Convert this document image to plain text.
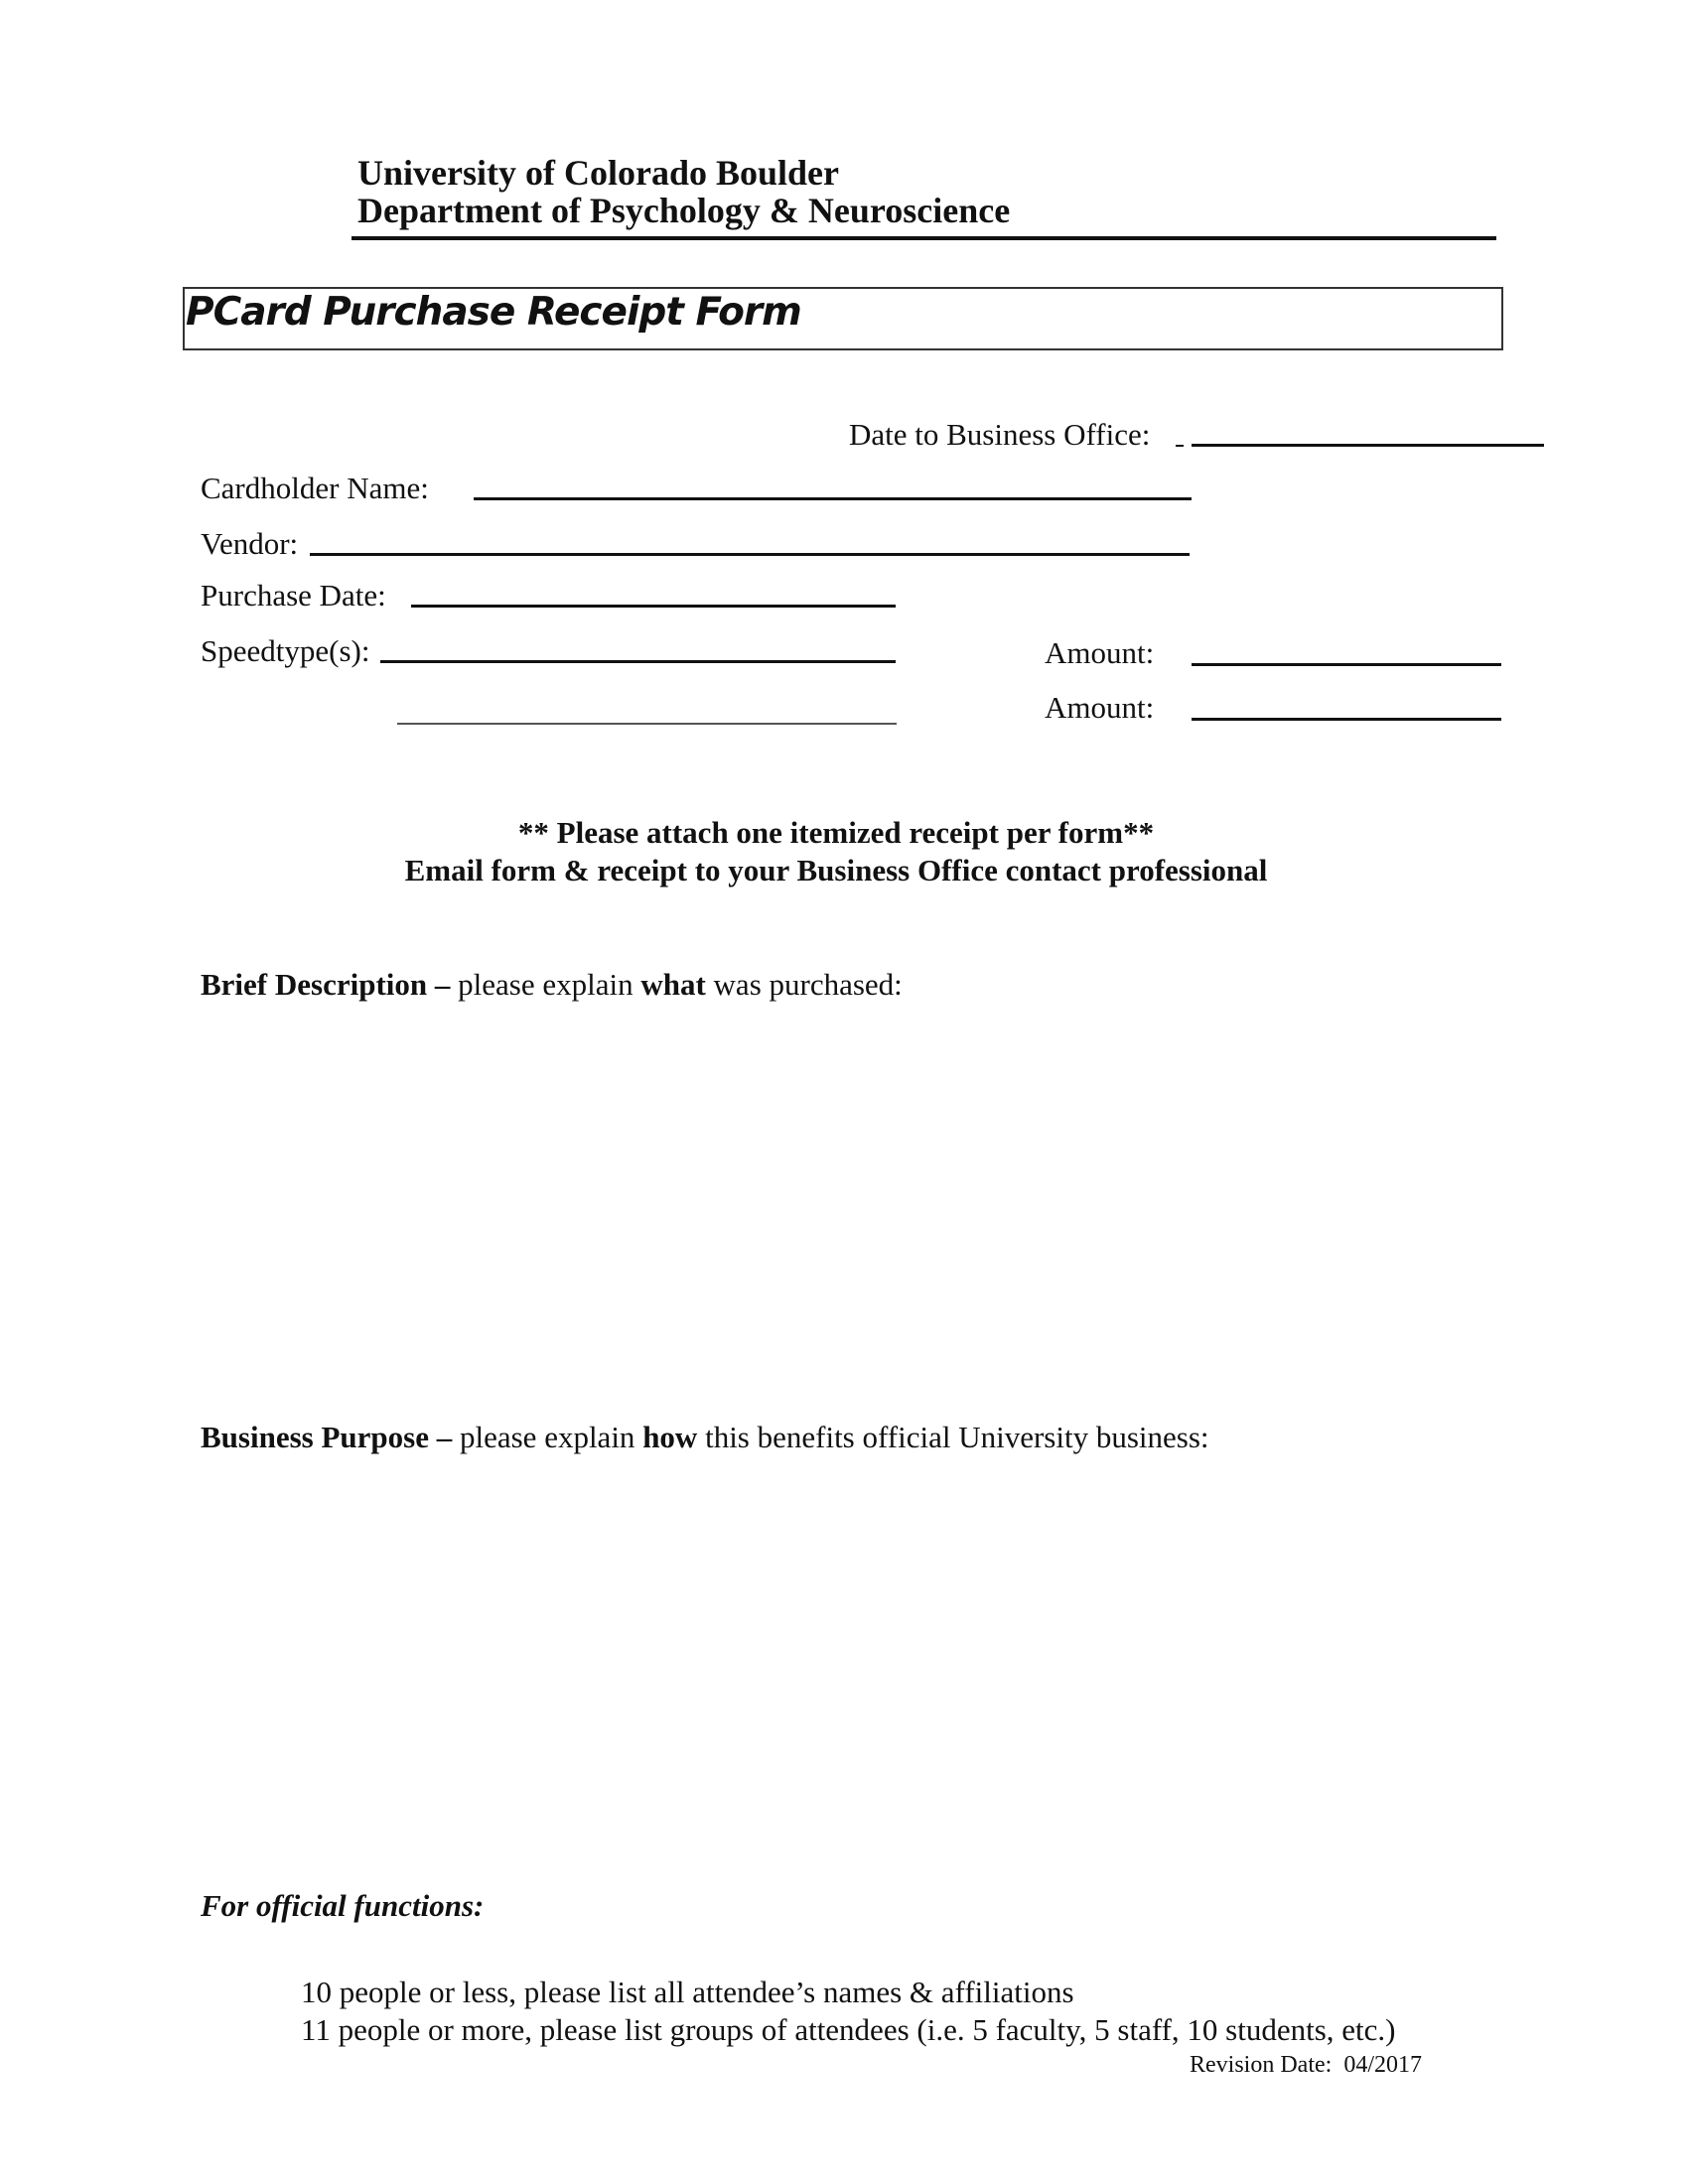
University of Colorado Boulder
Department of Psychology & Neuroscience
PCard Purchase Receipt Form
Date to Business Office:
Cardholder Name:
Vendor:
Purchase Date:
Speedtype(s):	Amount:
Amount:
** Please attach one itemized receipt per form**
Email form & receipt to your Business Office contact professional
Brief Description – please explain what was purchased:
Business Purpose – please explain how this benefits official University business:
For official functions:
10 people or less, please list all attendee’s names & affiliations
11 people or more, please list groups of attendees (i.e. 5 faculty, 5 staff, 10 students, etc.)
Revision Date: 04/2017
